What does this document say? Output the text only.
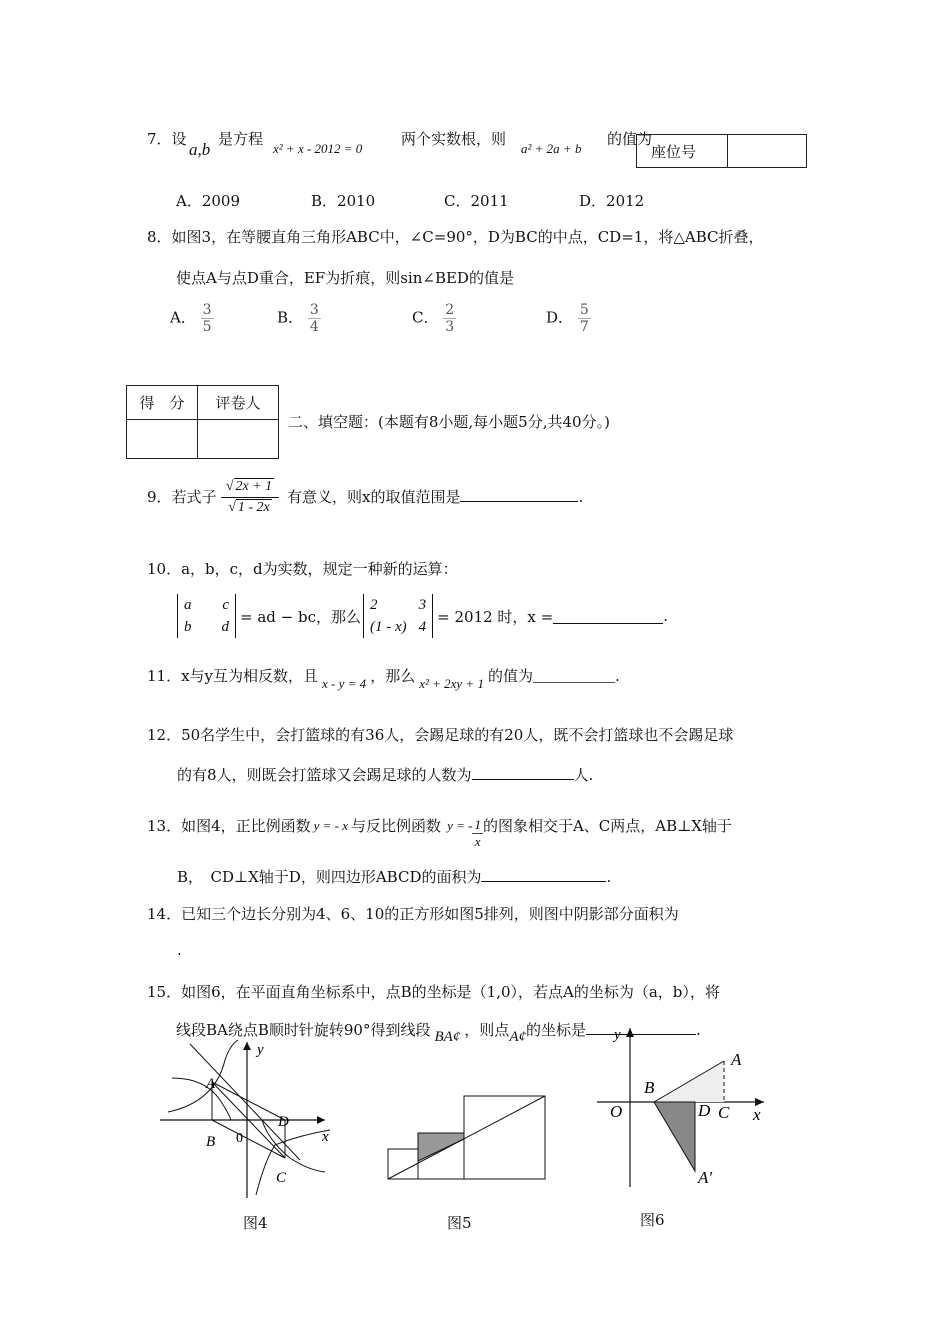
7．设
a,b
是方程
x² + x - 2012 = 0
两个实数根，则
a² + 2a + b
的值为
座位号	
A．2009	B．2010	C．2011	D．2012
8．如图3，在等腰直角三角形ABC中，∠C=90°，D为BC的中点，CD=1，将△ABC折叠，
使点A与点D重合，EF为折痕，则sin∠BED的值是
A． $\frac{3}{5}$	B． $\frac{3}{4}$	C． $\frac{2}{3}$	D． $\frac{5}{7}$
得　分	评卷人

二、填空题：(本题有8小题,每小题5分,共40分。)
9．若式子
√ 2x + 1
√ 1 - 2x
有意义，则x的取值范围是	.
10．a，b，c，d为实数，规定一种新的运算：
a c
b d
= ad − bc，那么
2	3
(1 - x) 4
= 2012 时，x =	.
11．x与y互为相反数，且 x - y = 4 ，那么 x² + 2xy + 1 的值为	.
12．50名学生中，会打篮球的有36人，会踢足球的有20人，既不会打篮球也不会踢足球
的有8人，则既会打篮球又会踢足球的人数为	人.
13．如图4，正比例函数 y = - x 与反比例函数 y = - $\frac{1}{x}$ 的图象相交于A、C两点，AB⊥X轴于
B，　CD⊥X轴于D，则四边形ABCD的面积为	.
14．已知三个边长分别为4、6、10的正方形如图5排列，则图中阴影部分面积为
.
15．如图6，在平面直角坐标系中，点B的坐标是（1,0），若点A的坐标为（a，b），将
线段BA绕点B顺时针旋转90°得到线段 BA¢ ，则点 A¢ 的坐标是	.
y
A
D
x
B 0
C
图4	图5
y
A
B
O	D C x
A′
图6
